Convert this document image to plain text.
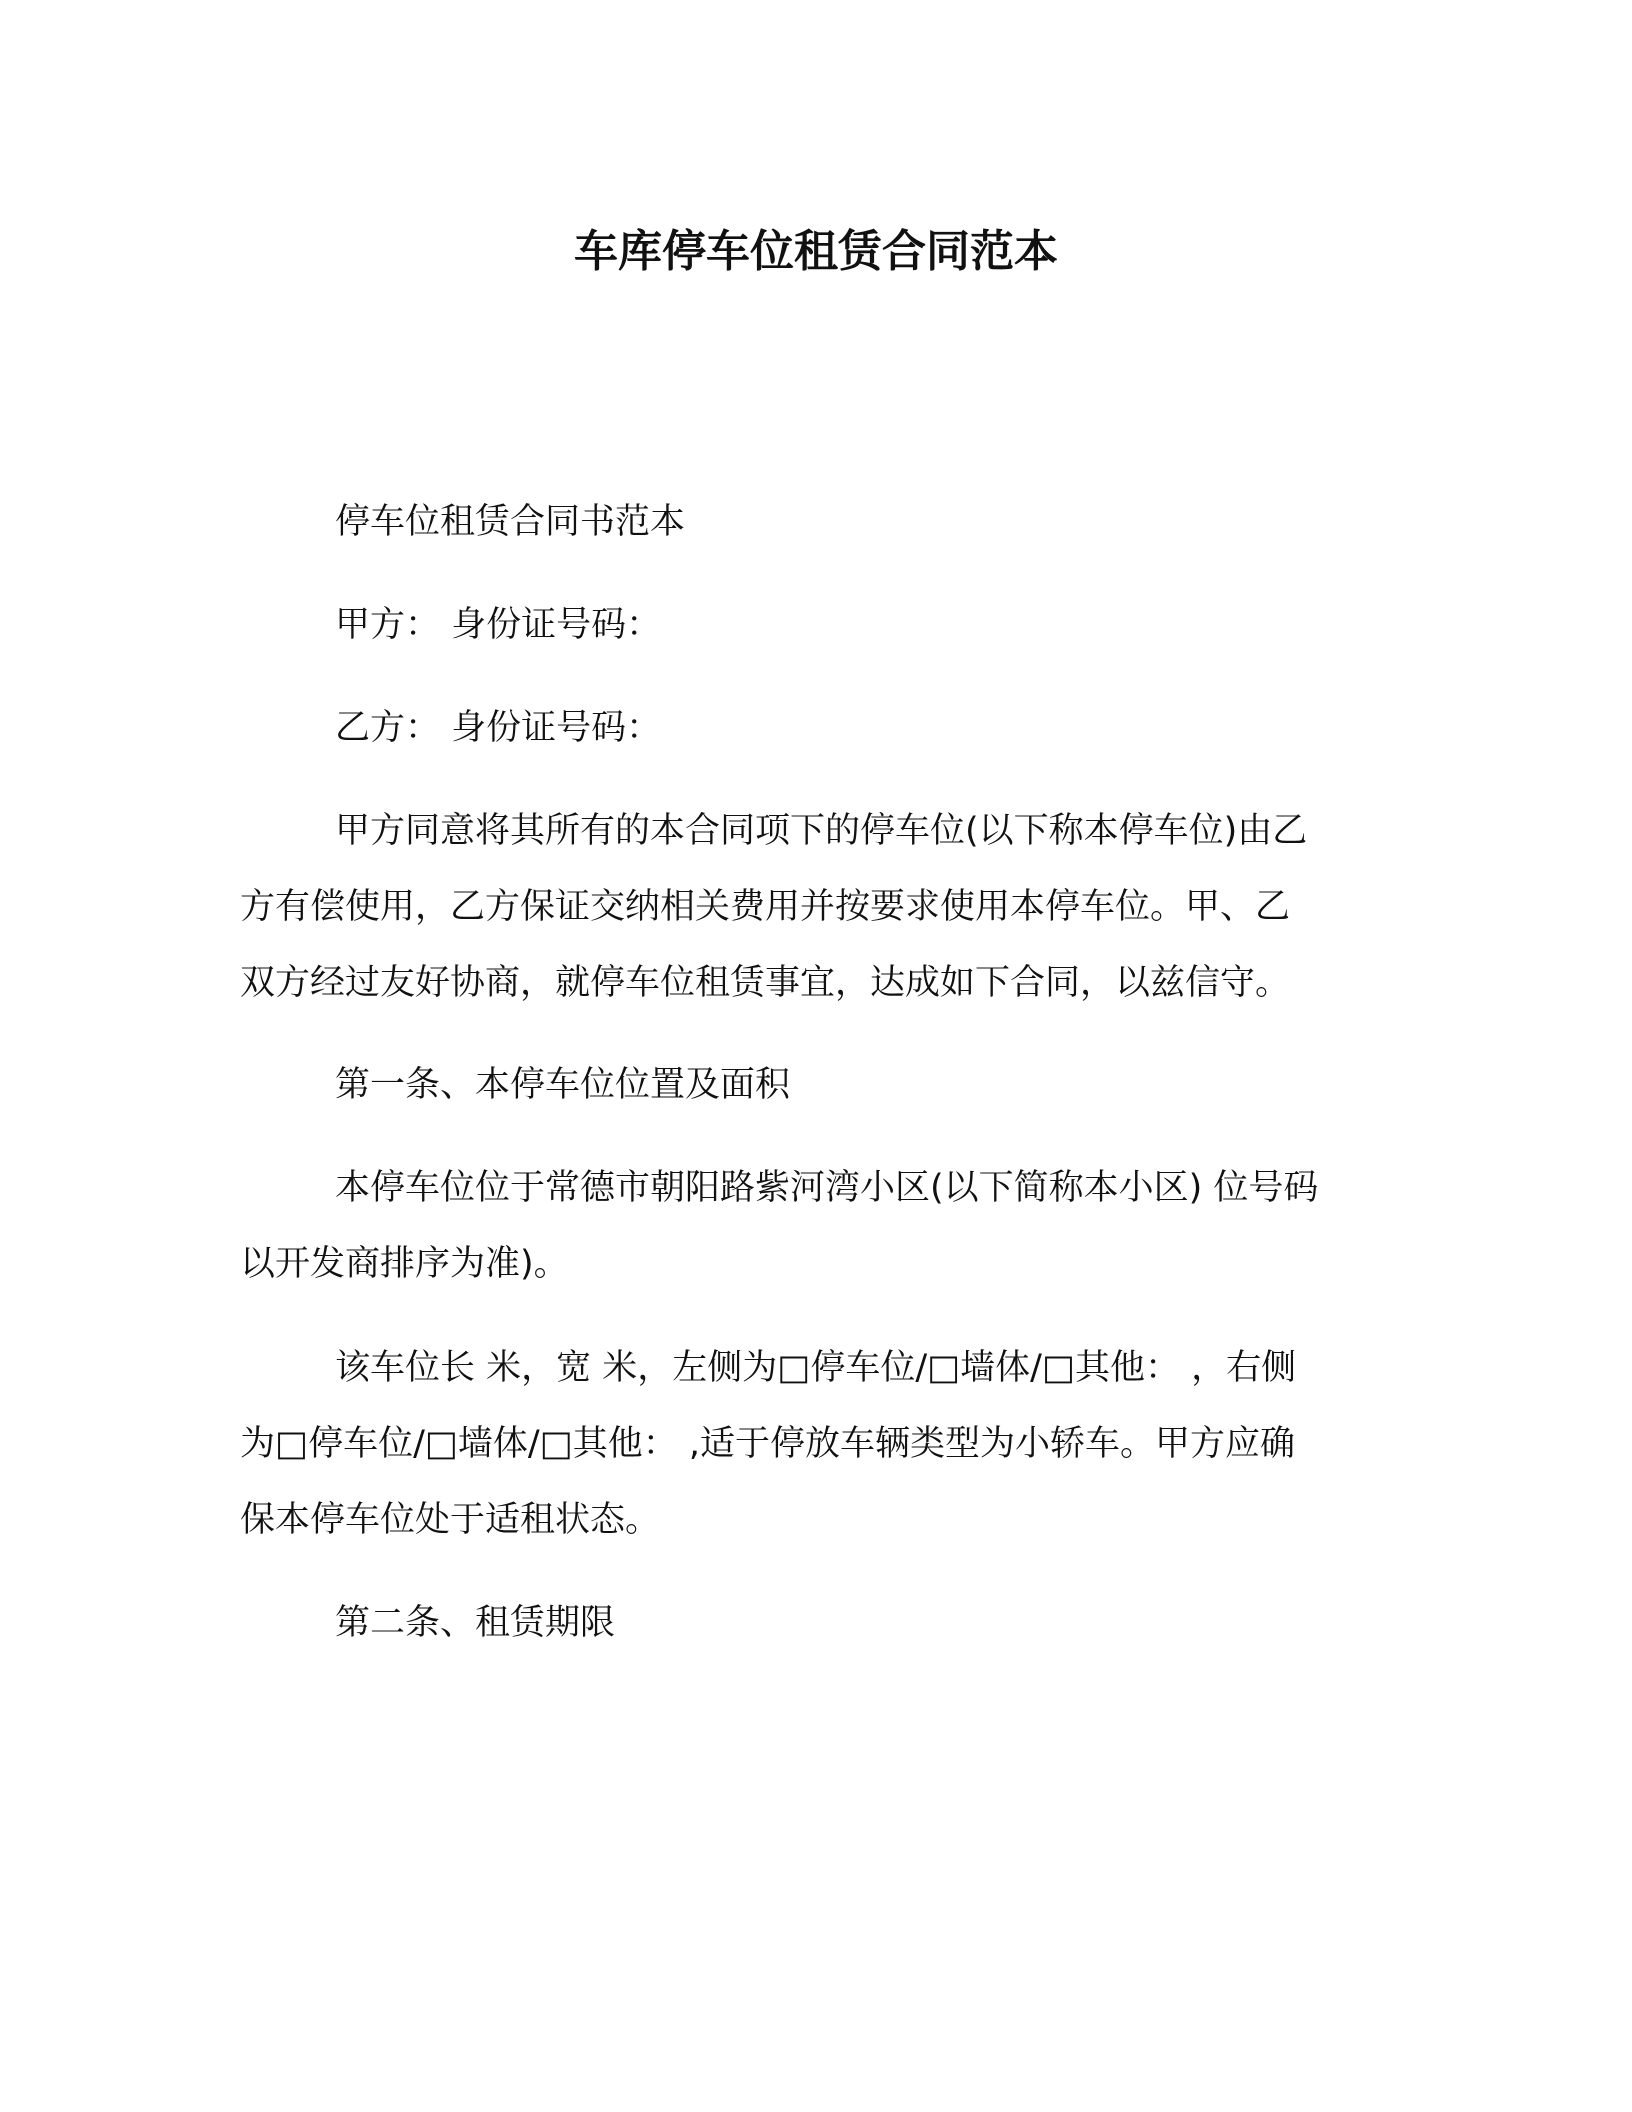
车库停车位租赁合同范本

停车位租赁合同书范本

甲方： 身份证号码：

乙方： 身份证号码：

甲方同意将其所有的本合同项下的停车位(以下称本停车位)由乙
方有偿使用，乙方保证交纳相关费用并按要求使用本停车位。甲、乙
双方经过友好协商，就停车位租赁事宜，达成如下合同，以兹信守。

第一条、本停车位位置及面积

本停车位位于常德市朝阳路紫河湾小区(以下简称本小区) 位号码
以开发商排序为准)。
该车位长 米，宽 米，左侧为□停车位/□墙体/□其他： ，右侧
为□停车位/□墙体/□其他： ,适于停放车辆类型为小轿车。甲方应确
保本停车位处于适租状态。

第二条、租赁期限
